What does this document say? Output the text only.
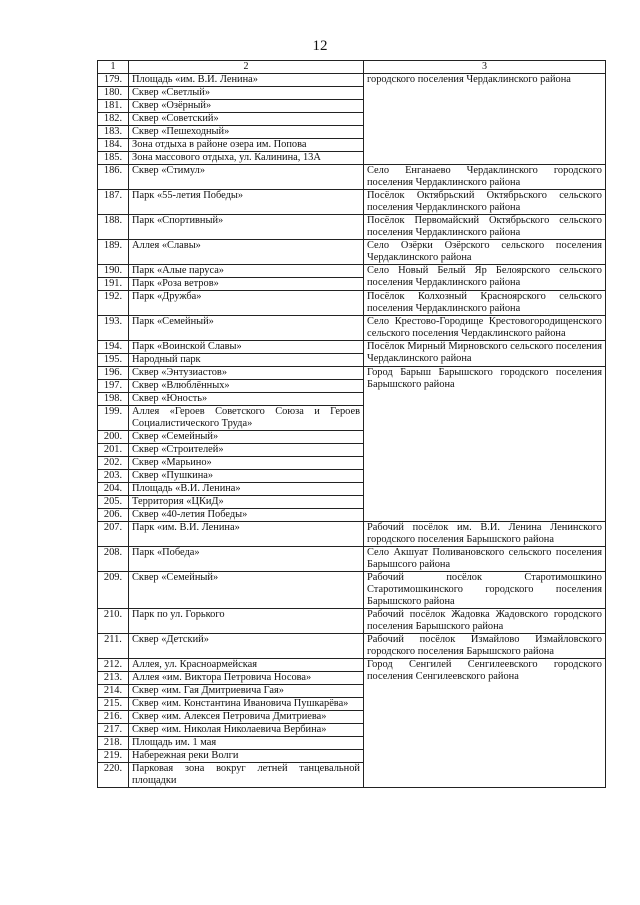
12
1	2	3
179.	Площадь «им. В.И. Ленина»	городского поселения Чердаклинского района
180.	Сквер «Светлый»	
181.	Сквер «Озёрный»	
182.	Сквер «Советский»	
183.	Сквер «Пешеходный»	
184.	Зона отдыха в районе озера им. Попова	
185.	Зона массового отдыха, ул. Калинина, 13А	
186.	Сквер «Стимул»	Село Енганаево Чердаклинского городского поселения Чердаклинского района
187.	Парк «55-летия Победы»	Посёлок Октябрьский Октябрьского сельского поселения Чердаклинского района
188.	Парк «Спортивный»	Посёлок Первомайский Октябрьского сельского поселения Чердаклинского района
189.	Аллея «Славы»	Село Озёрки Озёрского сельского поселения Чердаклинского района
190.	Парк «Алые паруса»	Село Новый Белый Яр Белоярского сельского поселения Чердаклинского района
191.	Парк «Роза ветров»	
192.	Парк «Дружба»	Посёлок Колхозный Красноярского сельского поселения Чердаклинского района
193.	Парк «Семейный»	Село Крестово-Городище Крестовогородищенского сельского поселения Чердаклинского района
194.	Парк «Воинской Славы»	Посёлок Мирный Мирновского сельского поселения Чердаклинского района
195.	Народный парк	
196.	Сквер «Энтузиастов»	Город Барыш Барышского городского поселения Барышского района
197.	Сквер «Влюблённых»	
198.	Сквер «Юность»	
199.	Аллея «Героев Советского Союза и Героев Социалистического Труда»	
200.	Сквер «Семейный»	
201.	Сквер «Строителей»	
202.	Сквер «Марьино»	
203.	Сквер «Пушкина»	
204.	Площадь «В.И. Ленина»	
205.	Территория «ЦКиД»	
206.	Сквер «40-летия Победы»	
207.	Парк «им. В.И. Ленина»	Рабочий посёлок им. В.И. Ленина Ленинского городского поселения Барышского района
208.	Парк «Победа»	Село Акшуат Поливановского сельского поселения Барышсого района
209.	Сквер «Семейный»	Рабочий посёлок Старотимошкино Старотимошкинского городского поселения Барышского района
210.	Парк по ул. Горького	Рабочий посёлок Жадовка Жадовского городского поселения Барышского района
211.	Сквер «Детский»	Рабочий посёлок Измайлово Измайловского городского поселения Барышского района
212.	Аллея, ул. Красноармейская	Город Сенгилей Сенгилеевского городского поселения Сенгилеевского района
213.	Аллея «им. Виктора Петровича Носова»	
214.	Сквер «им. Гая Дмитриевича Гая»	
215.	Сквер «им. Константина Ивановича Пушкарёва»	
216.	Сквер «им. Алексея Петровича Дмитриева»	
217.	Сквер «им. Николая Николаевича Вербина»	
218.	Площадь им. 1 мая	
219.	Набережная реки Волги	
220.	Парковая зона вокруг летней танцевальной площадки	
